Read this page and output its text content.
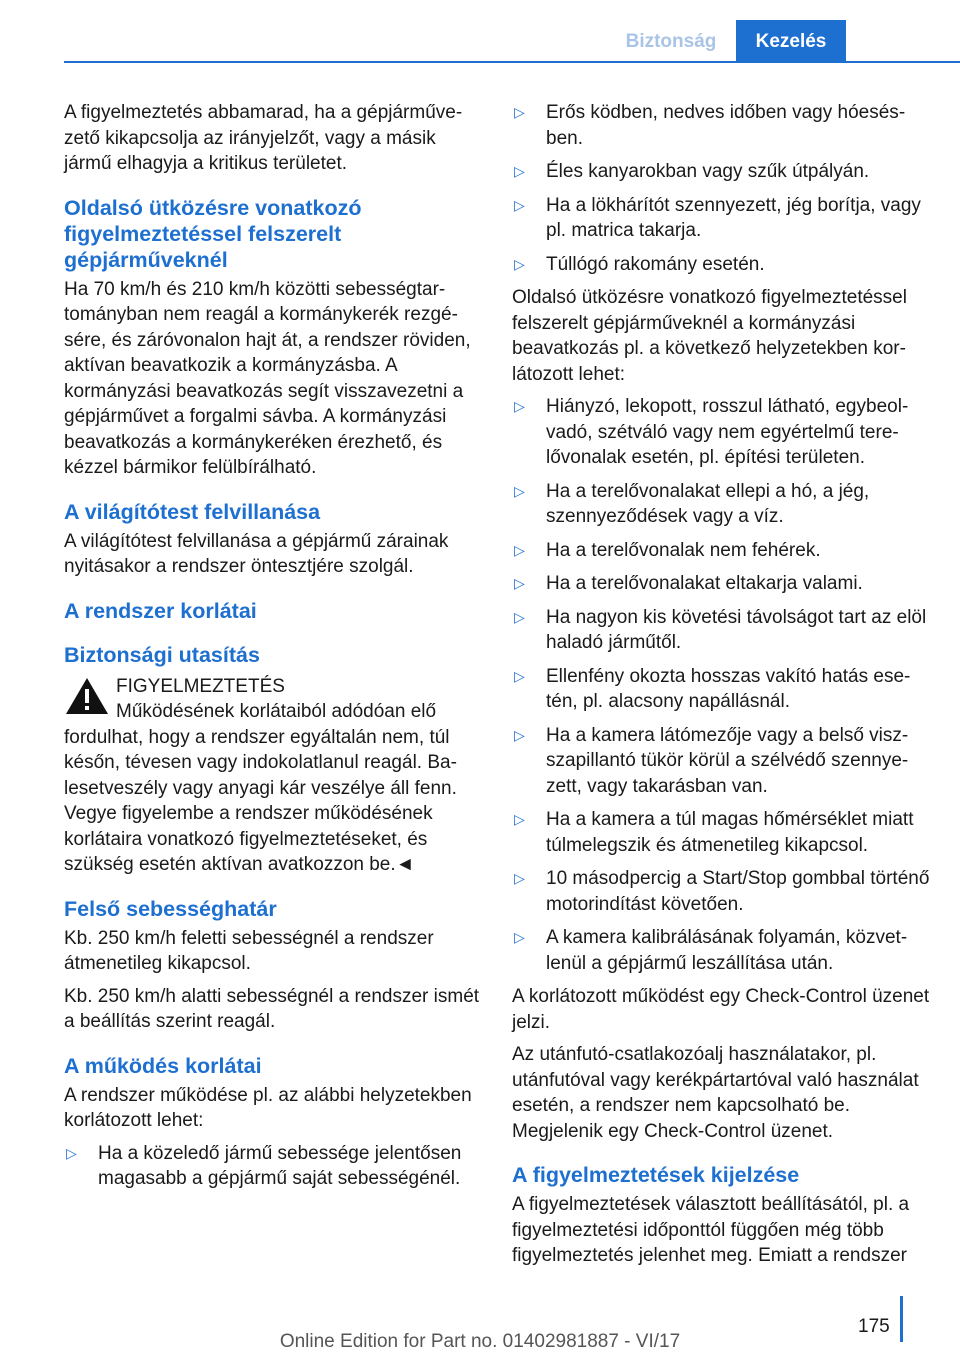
Biztonság	Kezelés

A figyelmeztetés abbamarad, ha a gépjárművezető kikapcsolja az irányjelzőt, vagy a másik jármű elhagyja a kritikus területet.

Oldalsó ütközésre vonatkozó figyelmeztetéssel felszerelt gépjárműveknél

Ha 70 km/h és 210 km/h közötti sebességtartományban nem reagál a kormánykerék rezgésére, és záróvonalon hajt át, a rendszer röviden, aktívan beavatkozik a kormányzásba. A kormányzási beavatkozás segít visszavezetni a gépjárművet a forgalmi sávba. A kormányzási beavatkozás a kormánykeréken érezhető, és kézzel bármikor felülbírálható.

A világítótest felvillanása

A világítótest felvillanása a gépjármű zárainak nyitásakor a rendszer öntesztjére szolgál.

A rendszer korlátai
Biztonsági utasítás

FIGYELMEZTETÉS

Működésének korlátaiból adódóan elő

fordulhat, hogy a rendszer egyáltalán nem, túl későn, tévesen vagy indokolatlanul reagál. Balesetveszély vagy anyagi kár veszélye áll fenn. Vegye figyelembe a rendszer működésének korlátaira vonatkozó figyelmeztetéseket, és szükség esetén aktívan avatkozzon be.◄

Felső sebességhatár

Kb. 250 km/h feletti sebességnél a rendszer átmenetileg kikapcsol.

Kb. 250 km/h alatti sebességnél a rendszer ismét a beállítás szerint reagál.

A működés korlátai

A rendszer működése pl. az alábbi helyzetekben korlátozott lehet:

▷ Ha a közeledő jármű sebessége jelentősen magasabb a gépjármű saját sebességénél.
▷ Erős ködben, nedves időben vagy hóesésben.
▷ Éles kanyarokban vagy szűk útpályán.
▷ Ha a lökhárítót szennyezett, jég borítja, vagy pl. matrica takarja.
▷ Túllógó rakomány esetén.

Oldalsó ütközésre vonatkozó figyelmeztetéssel felszerelt gépjárműveknél a kormányzási beavatkozás pl. a következő helyzetekben korlátozott lehet:

▷ Hiányzó, lekopott, rosszul látható, egybeolvadó, szétváló vagy nem egyértelmű terelővonalak esetén, pl. építési területen.
▷ Ha a terelővonalakat ellepi a hó, a jég, szennyeződések vagy a víz.
▷ Ha a terelővonalak nem fehérek.
▷ Ha a terelővonalakat eltakarja valami.
▷ Ha nagyon kis követési távolságot tart az elöl haladó járműtől.
▷ Ellenfény okozta hosszas vakító hatás esetén, pl. alacsony napállásnál.
▷ Ha a kamera látómezője vagy a belső viszszapillantó tükör körül a szélvédő szennyezett, vagy takarásban van.
▷ Ha a kamera a túl magas hőmérséklet miatt túlmelegszik és átmenetileg kikapcsol.
▷ 10 másodpercig a Start/Stop gombbal történő motorindítást követően.
▷ A kamera kalibrálásának folyamán, közvetlenül a gépjármű leszállítása után.

A korlátozott működést egy Check-Control üzenet jelzi.

Az utánfutó-csatlakozóalj használatakor, pl. utánfutóval vagy kerékpártartóval való használat esetén, a rendszer nem kapcsolható be. Megjelenik egy Check-Control üzenet.

A figyelmeztetések kijelzése

A figyelmeztetések választott beállításától, pl. a figyelmeztetési időponttól függően még több figyelmeztetés jelenhet meg. Emiatt a rendszer

175
Online Edition for Part no. 01402981887 - VI/17
